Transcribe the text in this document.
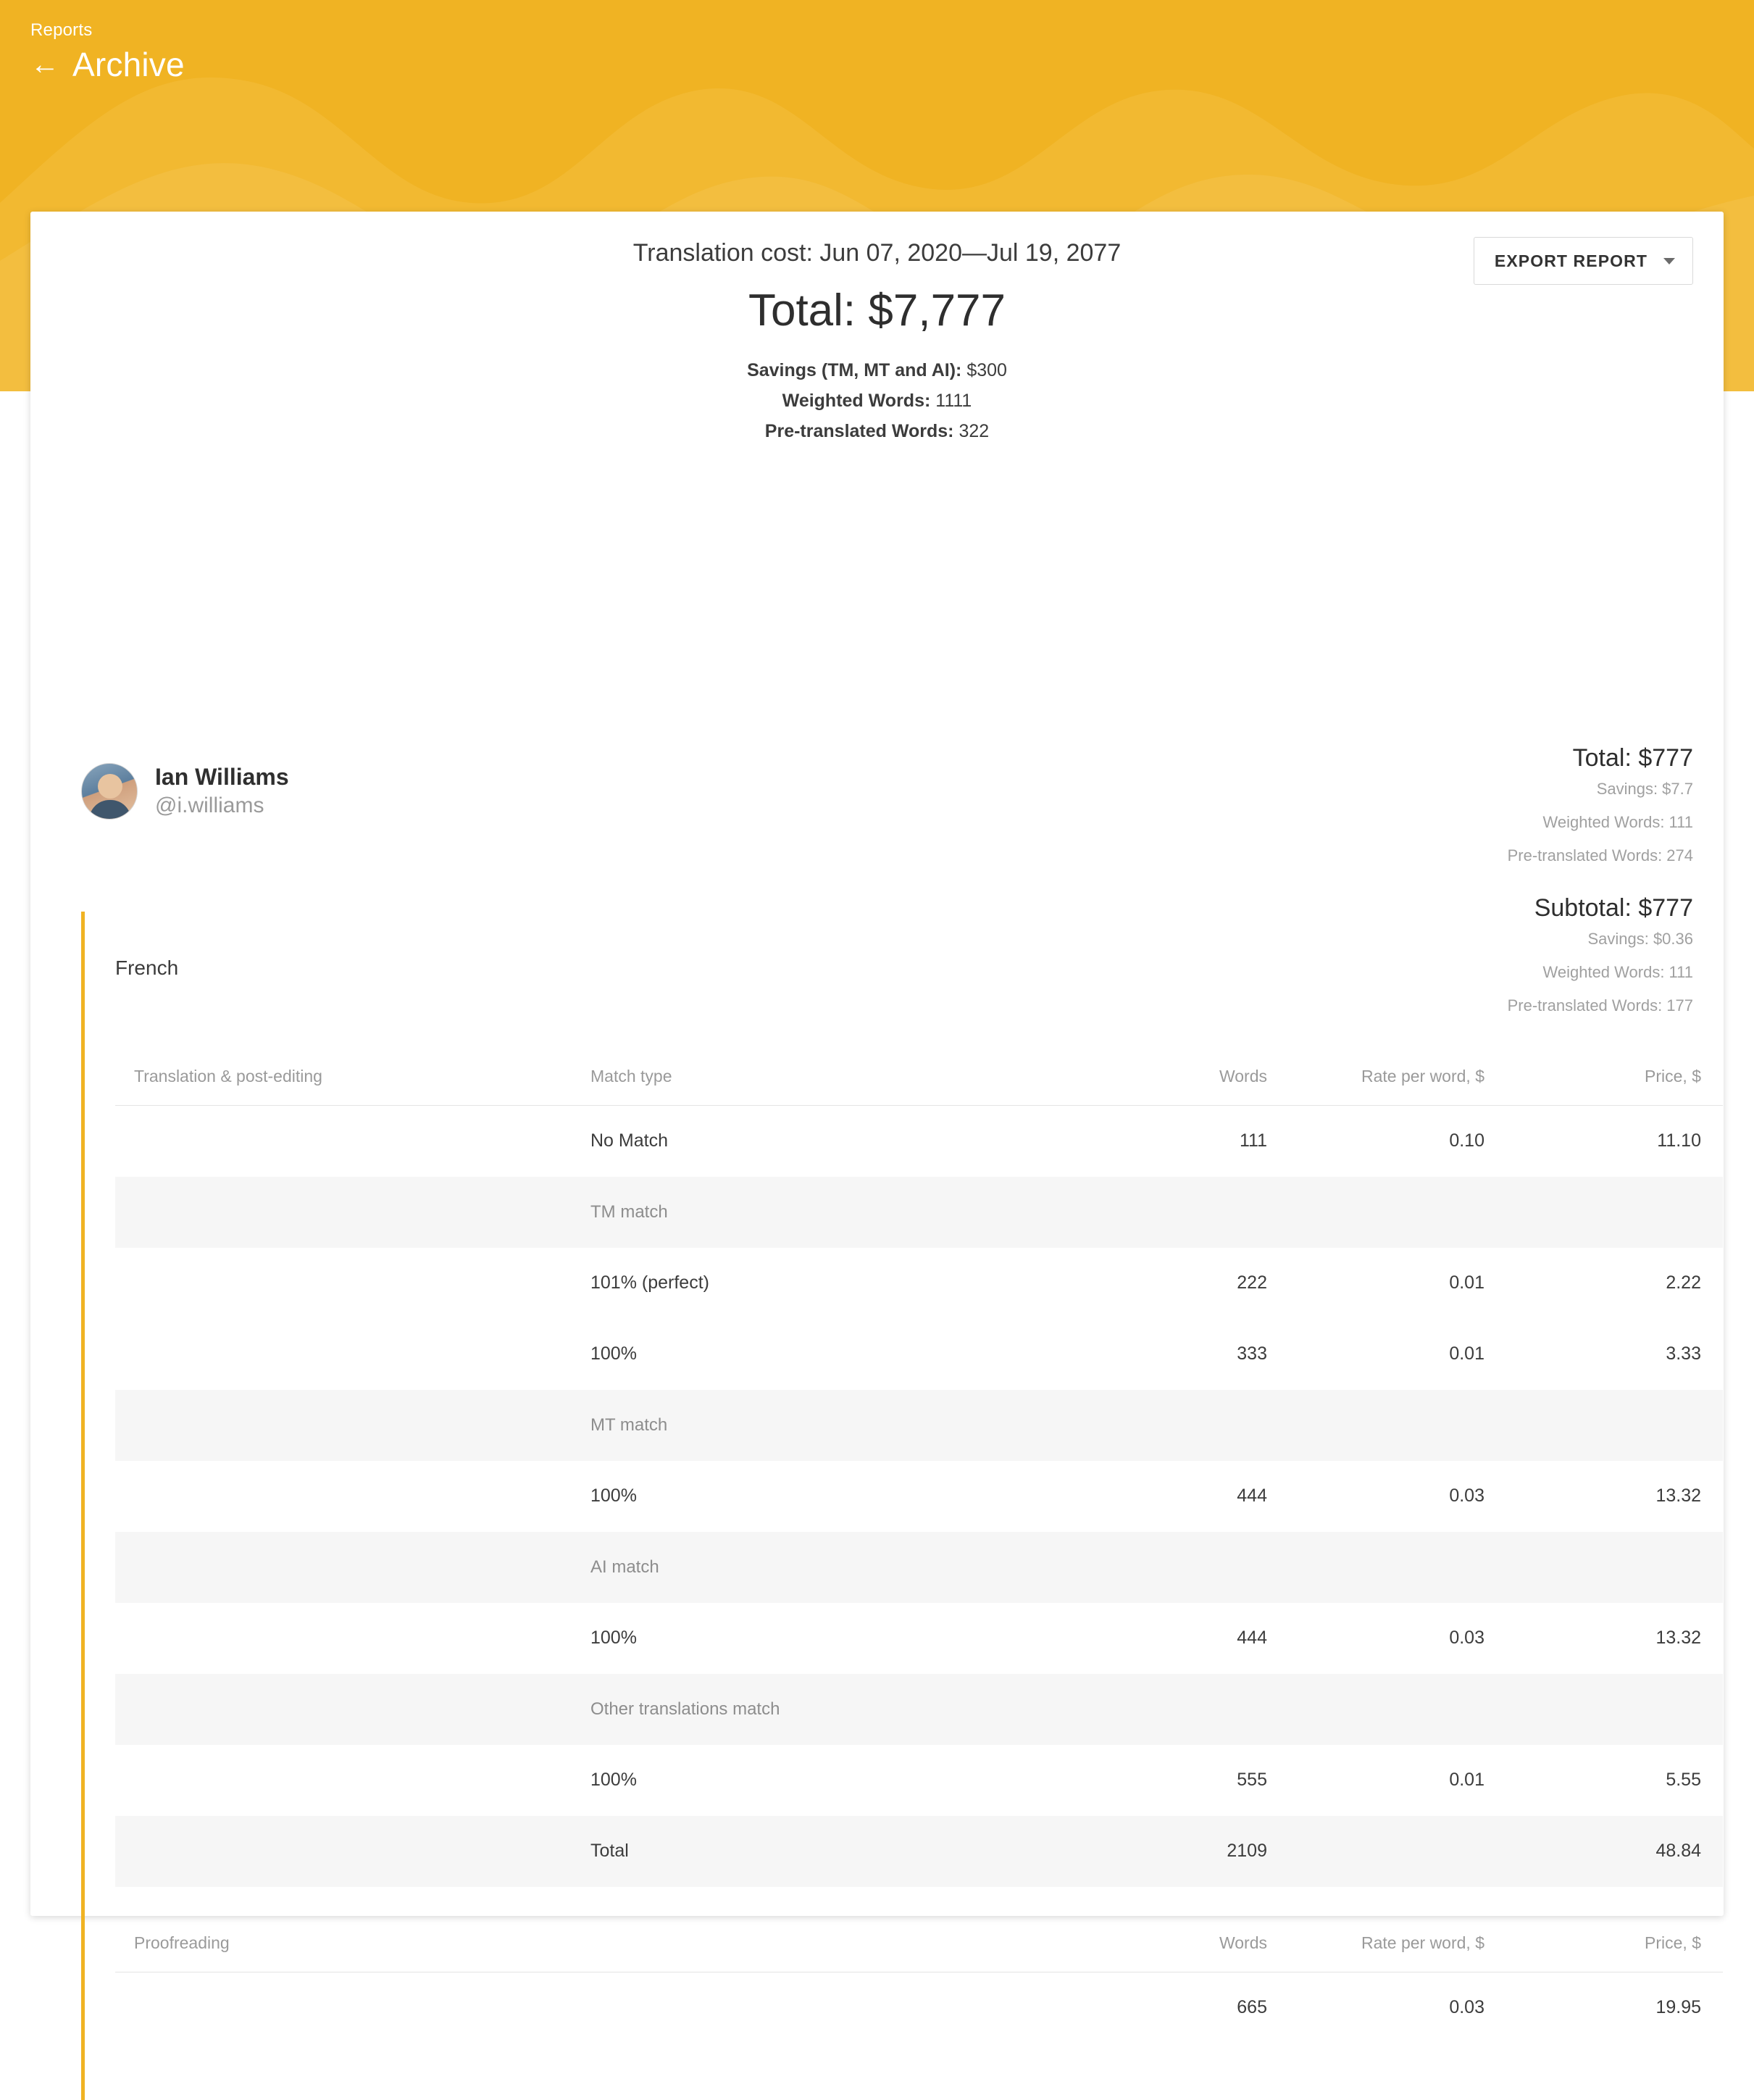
Reports
← Archive
EXPORT REPORT
Translation cost: Jun 07, 2020—Jul 19, 2077
Total: $7,777
Savings (TM, MT and AI): $300
Weighted Words: 1111
Pre-translated Words: 322
Ian Williams
@i.williams
Total: $777
Savings: $7.7
Weighted Words: 111
Pre-translated Words: 274
Subtotal: $777
Savings: $0.36
Weighted Words: 111
Pre-translated Words: 177
French
Translation & post-editing	Match type	Words	Rate per word, $	Price, $
	No Match	111	0.10	11.10
	TM match			
	101% (perfect)	222	0.01	2.22
	100%	333	0.01	3.33
	MT match			
	100%	444	0.03	13.32
	AI match			
	100%	444	0.03	13.32
	Other translations match			
	100%	555	0.01	5.55
	Total	2109		48.84
Proofreading		Words	Rate per word, $	Price, $
		665	0.03	19.95
